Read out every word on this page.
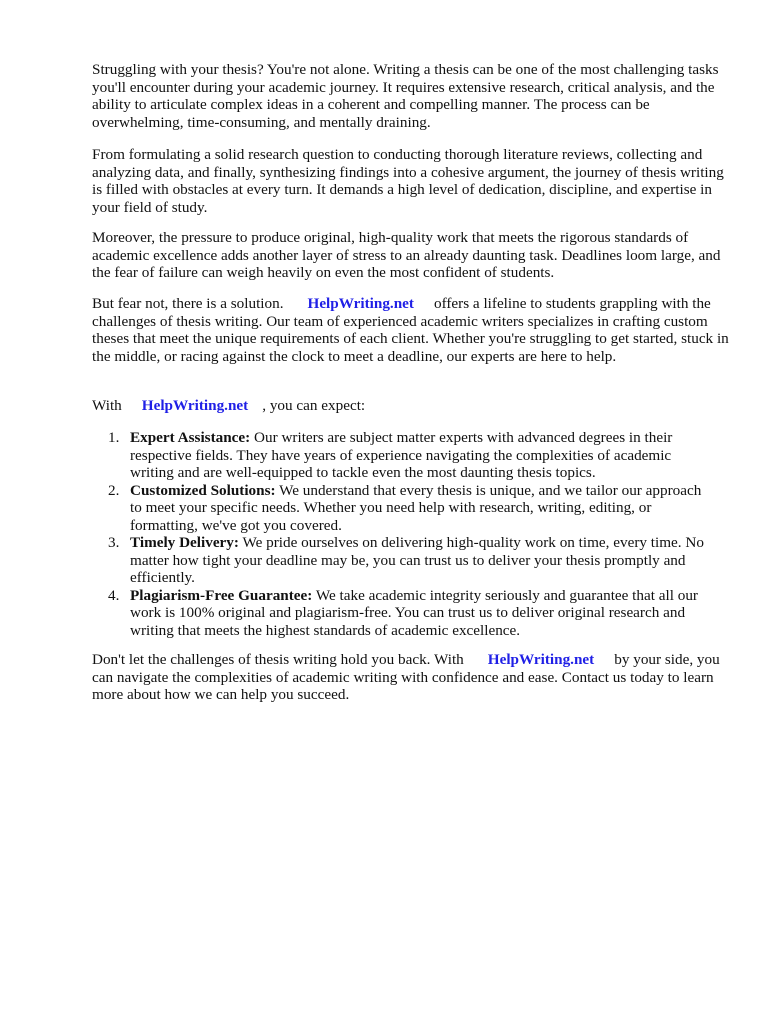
Struggling with your thesis? You're not alone. Writing a thesis can be one of the most challenging tasks you'll encounter during your academic journey. It requires extensive research, critical analysis, and the ability to articulate complex ideas in a coherent and compelling manner. The process can be overwhelming, time-consuming, and mentally draining.

From formulating a solid research question to conducting thorough literature reviews, collecting and analyzing data, and finally, synthesizing findings into a cohesive argument, the journey of thesis writing is filled with obstacles at every turn. It demands a high level of dedication, discipline, and expertise in your field of study.

Moreover, the pressure to produce original, high-quality work that meets the rigorous standards of academic excellence adds another layer of stress to an already daunting task. Deadlines loom large, and the fear of failure can weigh heavily on even the most confident of students.

But fear not, there is a solution. HelpWriting.net offers a lifeline to students grappling with the challenges of thesis writing. Our team of experienced academic writers specializes in crafting custom theses that meet the unique requirements of each client. Whether you're struggling to get started, stuck in the middle, or racing against the clock to meet a deadline, our experts are here to help.

With HelpWriting.net , you can expect:

1. Expert Assistance: Our writers are subject matter experts with advanced degrees in their respective fields. They have years of experience navigating the complexities of academic writing and are well-equipped to tackle even the most daunting thesis topics.
2. Customized Solutions: We understand that every thesis is unique, and we tailor our approach to meet your specific needs. Whether you need help with research, writing, editing, or formatting, we've got you covered.
3. Timely Delivery: We pride ourselves on delivering high-quality work on time, every time. No matter how tight your deadline may be, you can trust us to deliver your thesis promptly and efficiently.
4. Plagiarism-Free Guarantee: We take academic integrity seriously and guarantee that all our work is 100% original and plagiarism-free. You can trust us to deliver original research and writing that meets the highest standards of academic excellence.

Don't let the challenges of thesis writing hold you back. With HelpWriting.net by your side, you can navigate the complexities of academic writing with confidence and ease. Contact us today to learn more about how we can help you succeed.
